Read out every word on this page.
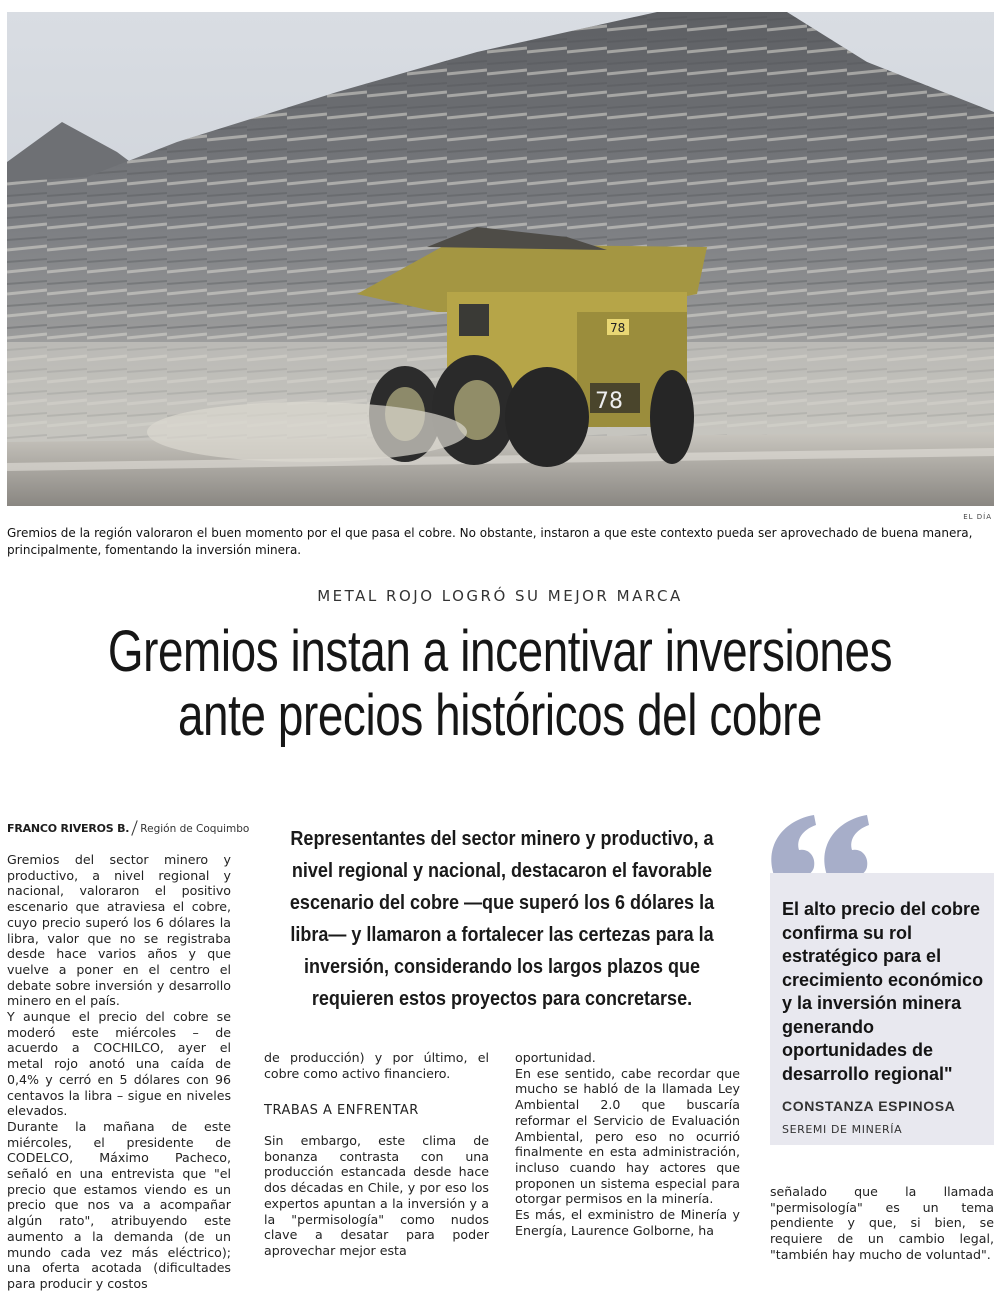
78
78
EL DÍA
Gremios de la región valoraron el buen momento por el que pasa el cobre. No obstante, instaron a que este contexto pueda ser aprovechado de buena manera, principalmente, fomentando la inversión minera.
METAL ROJO LOGRÓ SU MEJOR MARCA
Gremios instan a incentivar inversiones
ante precios históricos del cobre
FRANCO RIVEROS B. Región de Coquimbo
Gremios del sector minero y productivo, a nivel regional y nacional, valoraron el positivo escenario que atraviesa el cobre, cuyo precio superó los 6 dólares la libra, valor que no se registraba desde hace varios años y que vuelve a poner en el centro el debate sobre inversión y desarrollo minero en el país.
Y aunque el precio del cobre se moderó este miércoles – de acuerdo a COCHILCO, ayer el metal rojo anotó una caída de 0,4% y cerró en 5 dólares con 96 centavos la libra – sigue en niveles elevados.
Durante la mañana de este miércoles, el presidente de CODELCO, Máximo Pacheco, señaló en una entrevista que "el precio que estamos viendo es un precio que nos va a acompañar algún rato", atribuyendo este aumento a la demanda (de un mundo cada vez más eléctrico); una oferta acotada (dificultades para producir y costos
Representantes del sector minero y productivo, a nivel regional y nacional, destacaron el favorable escenario del cobre —que superó los 6 dólares la libra— y llamaron a fortalecer las certezas para la inversión, considerando los largos plazos que requieren estos proyectos para concretarse.
de producción) y por último, el cobre como activo financiero.
TRABAS A ENFRENTAR
Sin embargo, este clima de bonanza contrasta con una producción estancada desde hace dos décadas en Chile, y por eso los expertos apuntan a la inversión y a la "permisología" como nudos clave a desatar para poder aprovechar mejor esta
oportunidad.
En ese sentido, cabe recordar que mucho se habló de la llamada Ley Ambiental 2.0 que buscaría reformar el Servicio de Evaluación Ambiental, pero eso no ocurrió finalmente en esta administración, incluso cuando hay actores que proponen un sistema especial para otorgar permisos en la minería.
Es más, el exministro de Minería y Energía, Laurence Golborne, ha
El alto precio del cobre confirma su rol estratégico para el crecimiento económico y la inversión minera generando oportunidades de desarrollo regional"
CONSTANZA ESPINOSA
SEREMI DE MINERÍA
señalado que la llamada "permisología" es un tema pendiente y que, si bien, se requiere de un cambio legal, "también hay mucho de voluntad".
